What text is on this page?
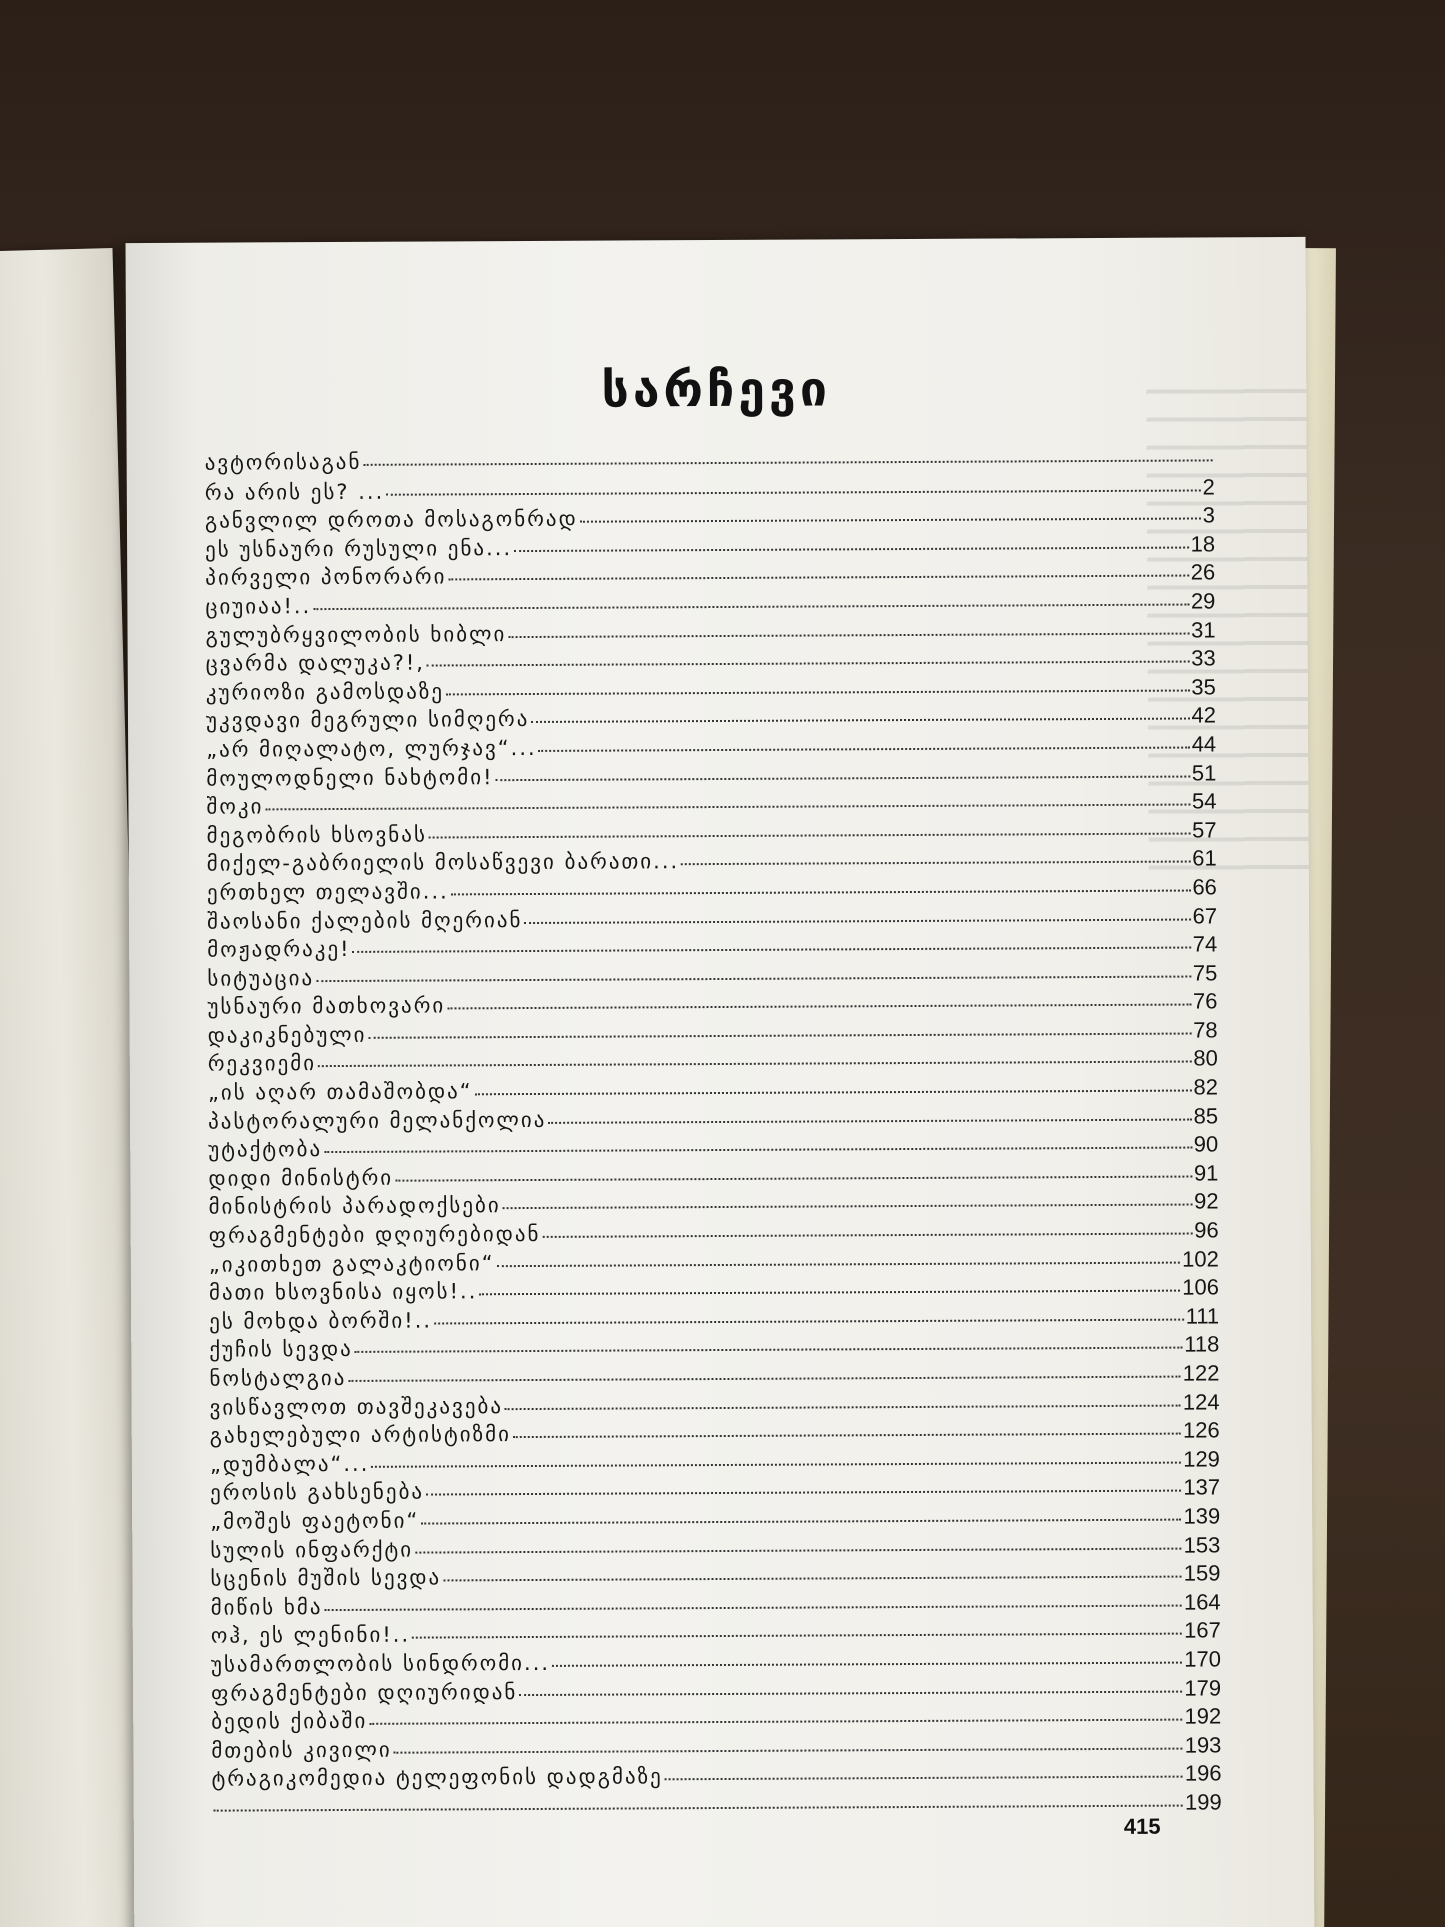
სარჩევი
ავტორისაგან
რა არის ეს? ...	2
განვლილ დროთა მოსაგონრად	3
ეს უსნაური რუსული ენა...	18
პირველი პონორარი	26
ციუიაა!..	29
გულუბრყვილობის ხიბლი	31
ცვარმა დალუკა?!,	33
კურიოზი გამოსდაზე	35
უკვდავი მეგრული სიმღერა	42
„არ მიღალატო, ლურჯავ“...	44
მოულოდნელი ნახტომი!	51
შოკი	54
მეგობრის ხსოვნას	57
მიქელ-გაბრიელის მოსაწვევი ბარათი...	61
ერთხელ თელავში...	66
შაოსანი ქალების მღერიან	67
მოჟადრაკე!	74
სიტუაცია	75
უსნაური მათხოვარი	76
დაკიკნებული	78
რეკვიემი	80
„ის აღარ თამაშობდა“	82
პასტორალური მელანქოლია	85
უტაქტობა	90
დიდი მინისტრი	91
მინისტრის პარადოქსები	92
ფრაგმენტები დღიურებიდან	96
„იკითხეთ გალაკტიონი“	102
მათი ხსოვნისა იყოს!..	106
ეს მოხდა ბორში!..	111
ქუჩის სევდა	118
ნოსტალგია	122
ვისწავლოთ თავშეკავება	124
გახელებული არტისტიზმი	126
„დუმბალა“...	129
ეროსის გახსენება	137
„მოშეს ფაეტონი“	139
სულის ინფარქტი	153
სცენის მუშის სევდა	159
მიწის ხმა	164
ოჰ, ეს ლენინი!..	167
უსამართლობის სინდრომი...	170
ფრაგმენტები დღიურიდან	179
ბედის ქიბაში	192
მთების კივილი	193
ტრაგიკომედია ტელეფონის დადგმაზე	196
199
415
